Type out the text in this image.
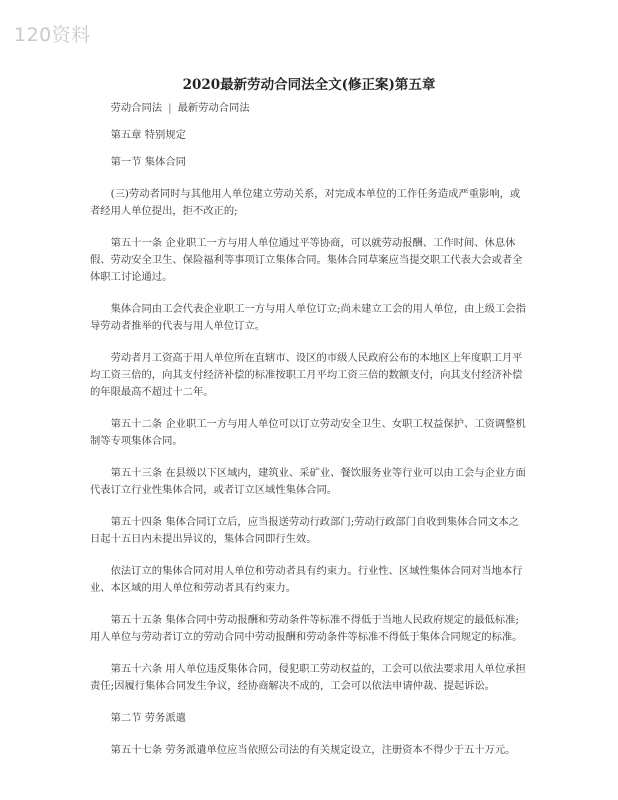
120资料
2020最新劳动合同法全文(修正案)第五章

劳动合同法 | 最新劳动合同法

第五章 特别规定

第一节 集体合同

(三)劳动者同时与其他用人单位建立劳动关系，对完成本单位的工作任务造成严重影响，或者经用人单位提出，拒不改正的;

第五十一条 企业职工一方与用人单位通过平等协商，可以就劳动报酬、工作时间、休息休假、劳动安全卫生、保险福利等事项订立集体合同。集体合同草案应当提交职工代表大会或者全体职工讨论通过。

集体合同由工会代表企业职工一方与用人单位订立;尚未建立工会的用人单位，由上级工会指导劳动者推举的代表与用人单位订立。

劳动者月工资高于用人单位所在直辖市、设区的市级人民政府公布的本地区上年度职工月平均工资三倍的，向其支付经济补偿的标准按职工月平均工资三倍的数额支付，向其支付经济补偿的年限最高不超过十二年。

第五十二条 企业职工一方与用人单位可以订立劳动安全卫生、女职工权益保护、工资调整机制等专项集体合同。

第五十三条 在县级以下区域内，建筑业、采矿业、餐饮服务业等行业可以由工会与企业方面代表订立行业性集体合同，或者订立区域性集体合同。

第五十四条 集体合同订立后，应当报送劳动行政部门;劳动行政部门自收到集体合同文本之日起十五日内未提出异议的，集体合同即行生效。

依法订立的集体合同对用人单位和劳动者具有约束力。行业性、区域性集体合同对当地本行业、本区域的用人单位和劳动者具有约束力。

第五十五条 集体合同中劳动报酬和劳动条件等标准不得低于当地人民政府规定的最低标准;用人单位与劳动者订立的劳动合同中劳动报酬和劳动条件等标准不得低于集体合同规定的标准。

第五十六条 用人单位违反集体合同，侵犯职工劳动权益的，工会可以依法要求用人单位承担责任;因履行集体合同发生争议，经协商解决不成的，工会可以依法申请仲裁、提起诉讼。

第二节 劳务派遣

第五十七条 劳务派遣单位应当依照公司法的有关规定设立，注册资本不得少于五十万元。
